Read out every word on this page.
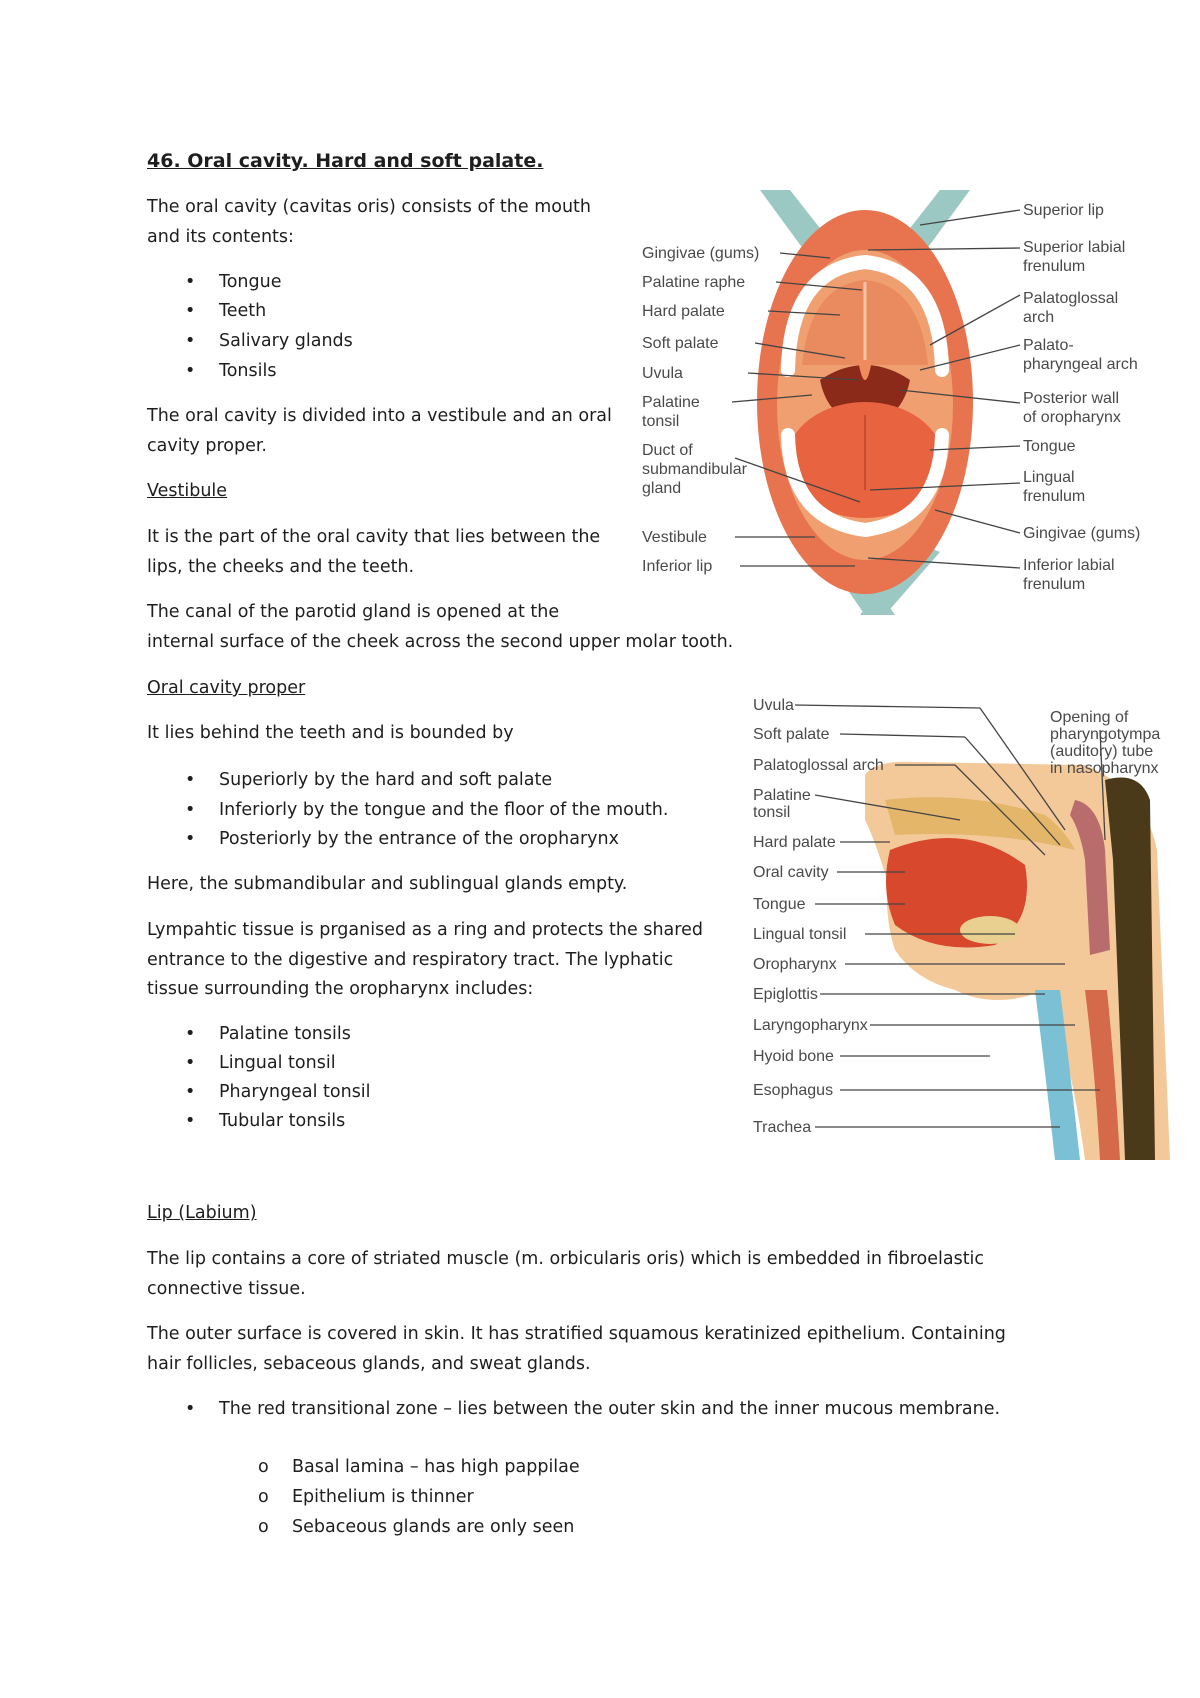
46. Oral cavity. Hard and soft palate.
The oral cavity (cavitas oris) consists of the mouth
and its contents:
• Tongue
• Teeth
• Salivary glands
• Tonsils
The oral cavity is divided into a vestibule and an oral
cavity proper.
Vestibule
It is the part of the oral cavity that lies between the
lips, the cheeks and the teeth.
The canal of the parotid gland is opened at the
internal surface of the cheek across the second upper molar tooth.
Oral cavity proper
It lies behind the teeth and is bounded by
• Superiorly by the hard and soft palate
• Inferiorly by the tongue and the floor of the mouth.
• Posteriorly by the entrance of the oropharynx
Here, the submandibular and sublingual glands empty.
Lympahtic tissue is prganised as a ring and protects the shared
entrance to the digestive and respiratory tract. The lyphatic
tissue surrounding the oropharynx includes:
• Palatine tonsils
• Lingual tonsil
• Pharyngeal tonsil
• Tubular tonsils
Lip (Labium)
The lip contains a core of striated muscle (m. orbicularis oris) which is embedded in fibroelastic
connective tissue.
The outer surface is covered in skin. It has stratified squamous keratinized epithelium. Containing
hair follicles, sebaceous glands, and sweat glands.
• The red transitional zone – lies between the outer skin and the inner mucous membrane.
o Basal lamina – has high pappilae
o Epithelium is thinner
o Sebaceous glands are only seen
Gingivae (gums)
Palatine raphe
Hard palate
Soft palate
Uvula
Palatine
tonsil
Duct of
submandibular
gland
Vestibule
Inferior lip
Superior lip
Superior labial
frenulum
Palatoglossal
arch
Palato-
pharyngeal arch
Posterior wall
of oropharynx
Tongue
Lingual
frenulum
Gingivae (gums)
Inferior labial
frenulum
Uvula
Soft palate
Palatoglossal arch
Palatine
tonsil
Hard palate
Oral cavity
Tongue
Lingual tonsil
Oropharynx
Epiglottis
Laryngopharynx
Hyoid bone
Esophagus
Trachea
Opening of
pharyngotympa
(auditory) tube
in nasopharynx
